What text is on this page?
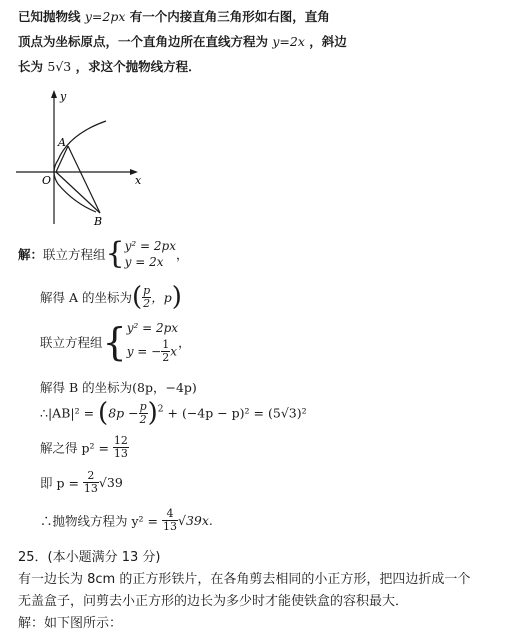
已知抛物线 y=2px 有一个内接直角三角形如右图，直角
顶点为坐标原点，一个直角边所在直线方程为 y=2x ，斜边
长为 5√3 ，求这个抛物线方程．
y
x
O
A
B
解：联立方程组{ y² = 2px
y = 2x ，
解得 A 的坐标为( $\frac{p}{2}$ ，p)
联立方程组{ y² = 2px
y = − $\frac{1}{2}$ x
，
解得 B 的坐标为(8p，−4p)
∴|AB|² = $(8p - \frac{p}{2} )^2 + (-4p - p)^2 = (5√3)^2$
解之得 $p^2 = \frac{12}{13}$
即 $p = \frac{2}{13} √39$
∴抛物线方程为 $y^2 = \frac{4}{13} √39x$.
25．(本小题满分 13 分)
有一边长为 8cm 的正方形铁片，在各角剪去相同的小正方形，把四边折成一个
无盖盒子，问剪去小正方形的边长为多少时才能使铁盒的容积最大．
解：如下图所示：
